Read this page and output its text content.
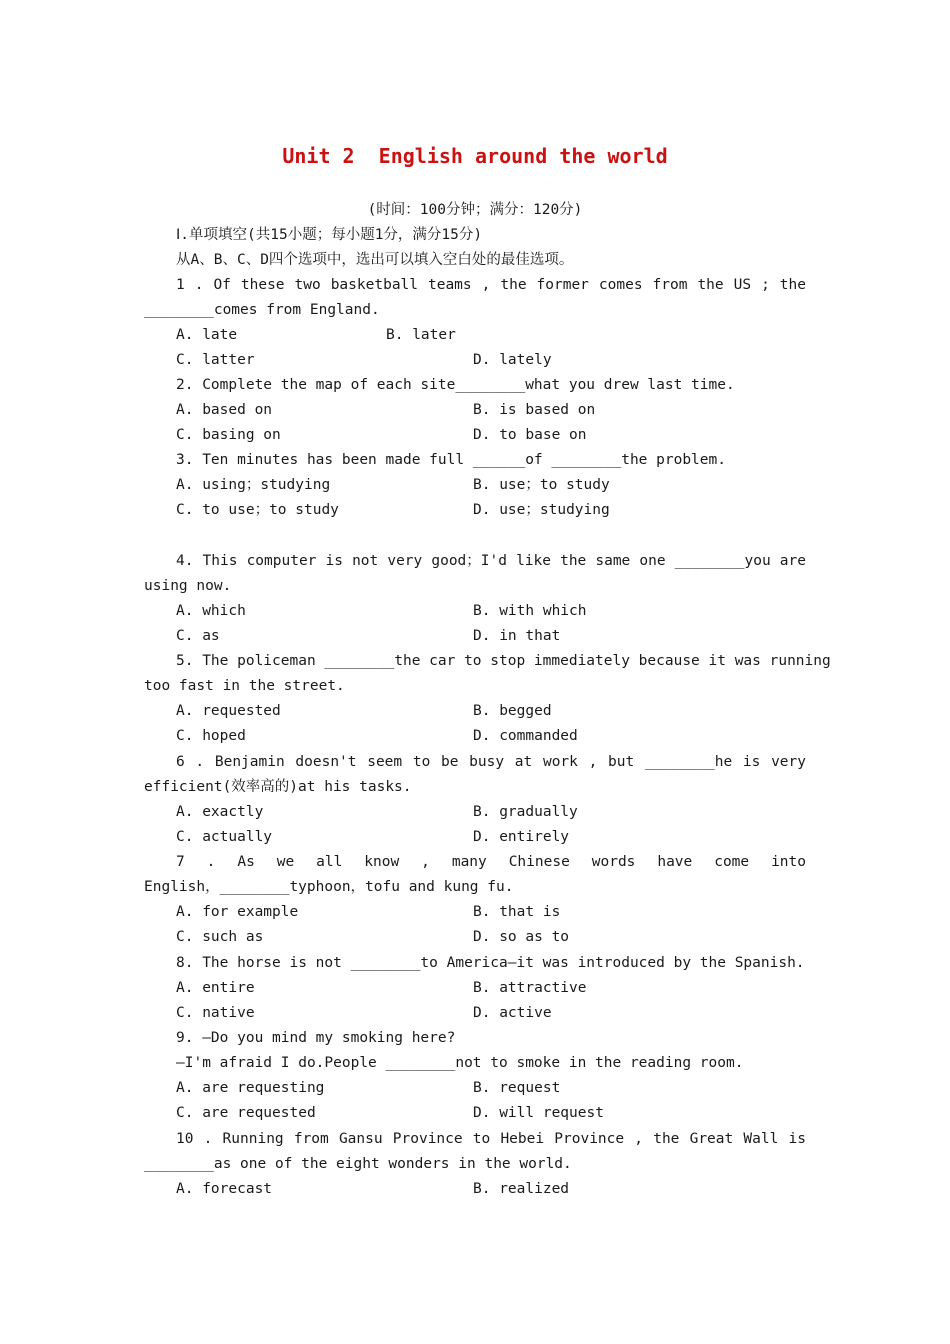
Unit 2  English around the world
(时间：100分钟；满分：120分)
Ⅰ.单项填空(共15小题；每小题1分，满分15分)
从A、B、C、D四个选项中，选出可以填入空白处的最佳选项。
1 . Of these two basketball teams , the former comes from the US ; the
________comes from England.
A. late	B. later
C. latter	D. lately
2. Complete the map of each site________what you drew last time.
A. based on	B. is based on
C. basing on	D. to base on
3. Ten minutes has been made full ______of ________the problem.
A. using；studying	B. use；to study
C. to use；to study	D. use；studying
4. This computer is not very good；I'd like the same one ________you are
using now.
A. which	B. with which
C. as	D. in that
5. The policeman ________the car to stop immediately because it was running
too fast in the street.
A. requested	B. begged
C. hoped	D. commanded
6 . Benjamin doesn't seem to be busy at work , but ________he is very
efficient(效率高的)at his tasks.
A. exactly	B. gradually
C. actually	D. entirely
7 . As we all know , many Chinese words have come into
English，________typhoon，tofu and kung fu.
A. for example	B. that is
C. such as	D. so as to
8. The horse is not ________to America—it was introduced by the Spanish.
A. entire	B. attractive
C. native	D. active
9. —Do you mind my smoking here?
—I'm afraid I do.People ________not to smoke in the reading room.
A. are requesting	B. request
C. are requested	D. will request
10 . Running from Gansu Province to Hebei Province , the Great Wall is
________as one of the eight wonders in the world.
A. forecast	B. realized
